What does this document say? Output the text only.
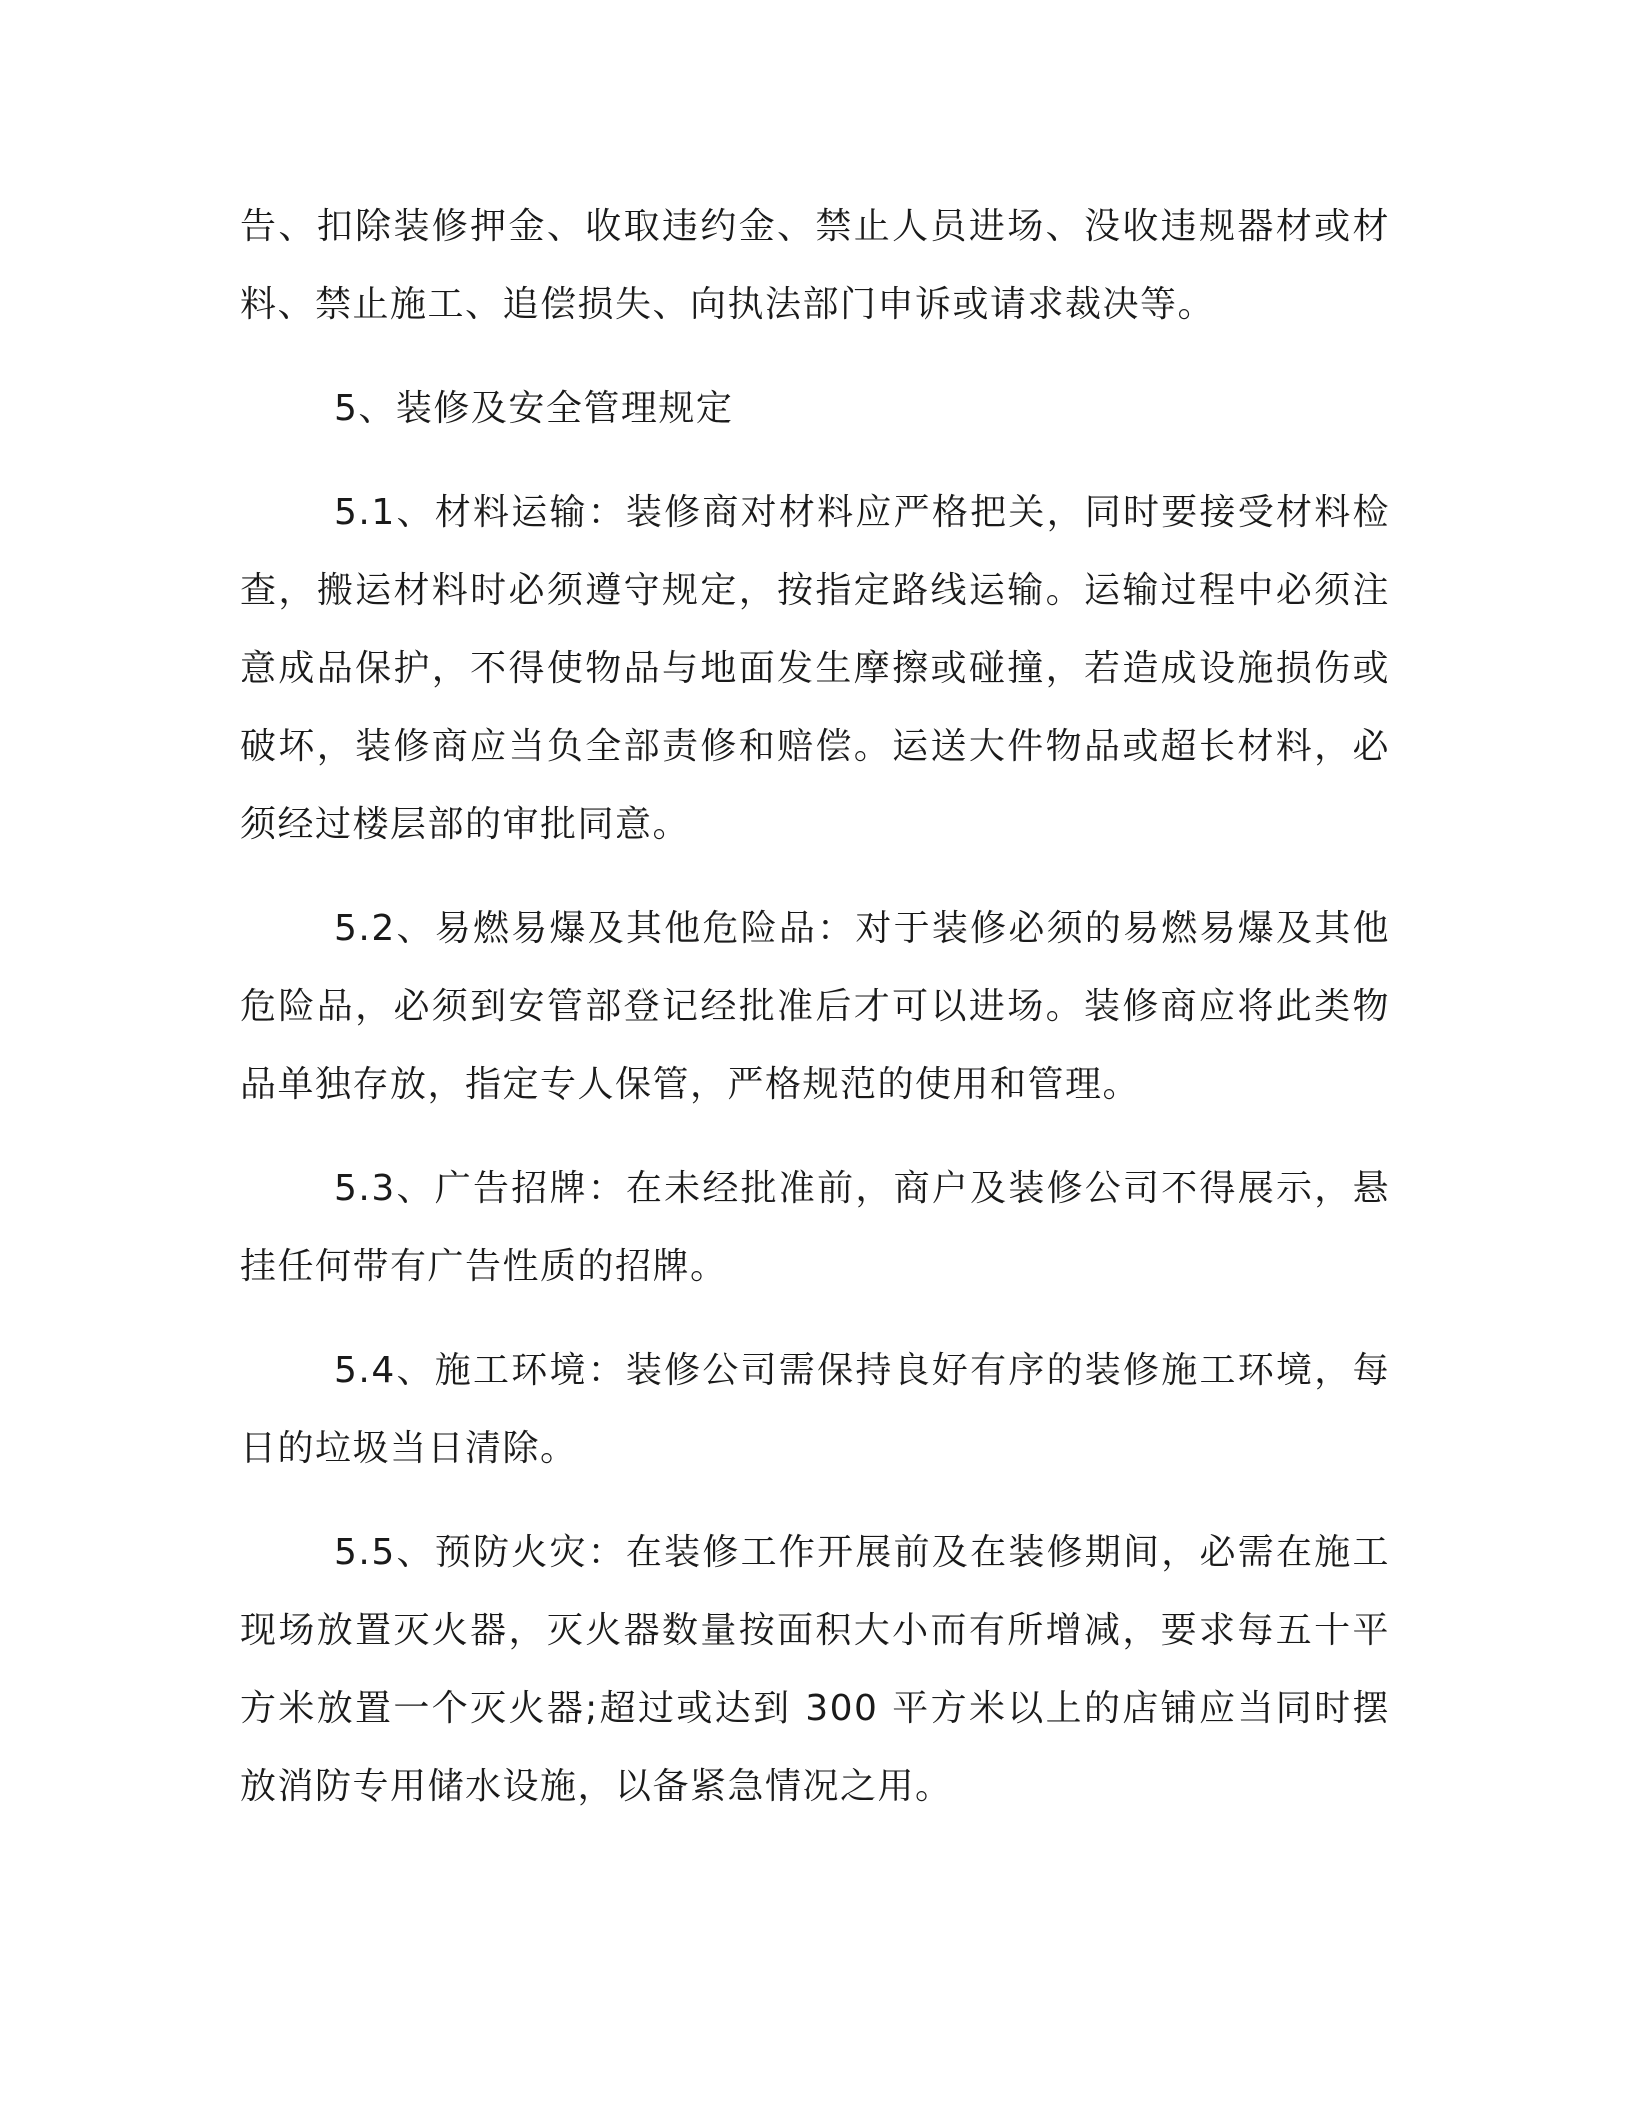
告、扣除装修押金、收取违约金、禁止人员进场、没收违规器材或材料、禁止施工、追偿损失、向执法部门申诉或请求裁决等。

5、装修及安全管理规定

5.1、材料运输：装修商对材料应严格把关，同时要接受材料检查，搬运材料时必须遵守规定，按指定路线运输。运输过程中必须注意成品保护，不得使物品与地面发生摩擦或碰撞，若造成设施损伤或破坏，装修商应当负全部责修和赔偿。运送大件物品或超长材料，必须经过楼层部的审批同意。

5.2、易燃易爆及其他危险品：对于装修必须的易燃易爆及其他危险品，必须到安管部登记经批准后才可以进场。装修商应将此类物品单独存放，指定专人保管，严格规范的使用和管理。

5.3、广告招牌：在未经批准前，商户及装修公司不得展示，悬挂任何带有广告性质的招牌。

5.4、施工环境：装修公司需保持良好有序的装修施工环境，每日的垃圾当日清除。

5.5、预防火灾：在装修工作开展前及在装修期间，必需在施工现场放置灭火器，灭火器数量按面积大小而有所增减，要求每五十平方米放置一个灭火器;超过或达到 300 平方米以上的店铺应当同时摆放消防专用储水设施，以备紧急情况之用。
